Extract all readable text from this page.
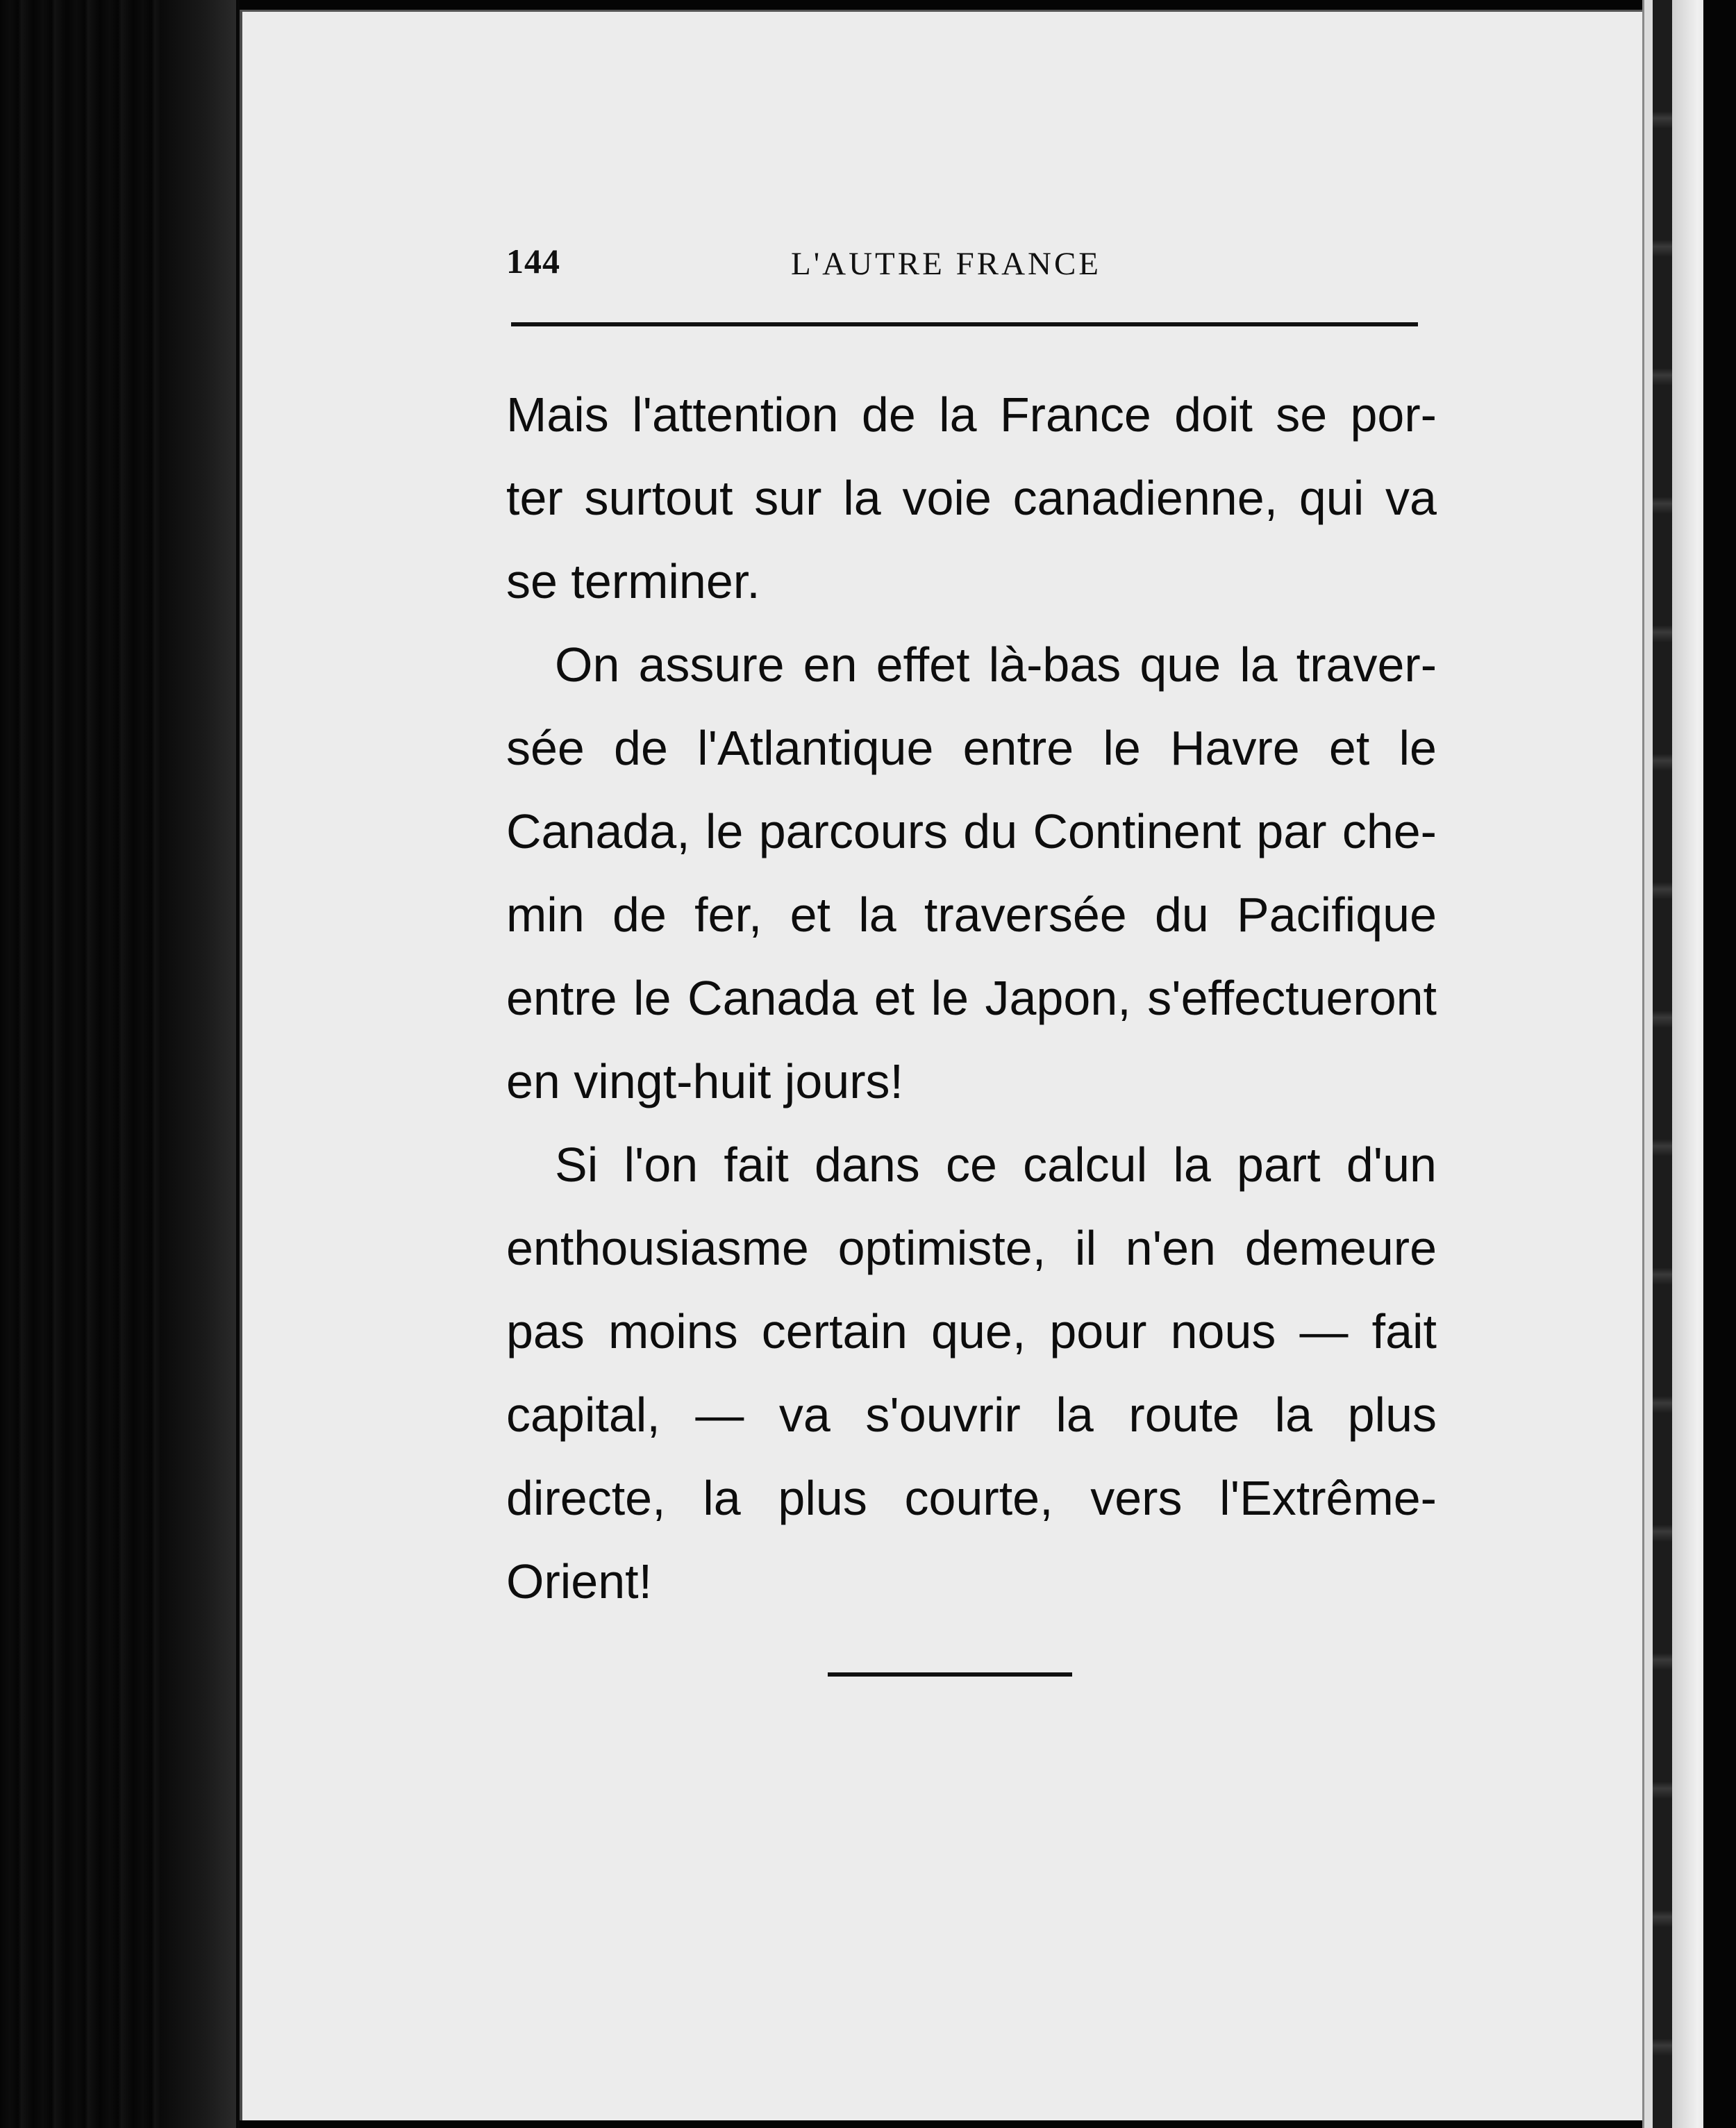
144	L'AUTRE FRANCE

Mais l'attention de la France doit se por-
ter surtout sur la voie canadienne, qui va
se terminer.

On assure en effet là-bas que la traver-
sée de l'Atlantique entre le Havre et le
Canada, le parcours du Continent par che-
min de fer, et la traversée du Pacifique
entre le Canada et le Japon, s'effectueront
en vingt-huit jours!

Si l'on fait dans ce calcul la part d'un
enthousiasme optimiste, il n'en demeure
pas moins certain que, pour nous — fait
capital, — va s'ouvrir la route la plus
directe, la plus courte, vers l'Extrême-
Orient!
